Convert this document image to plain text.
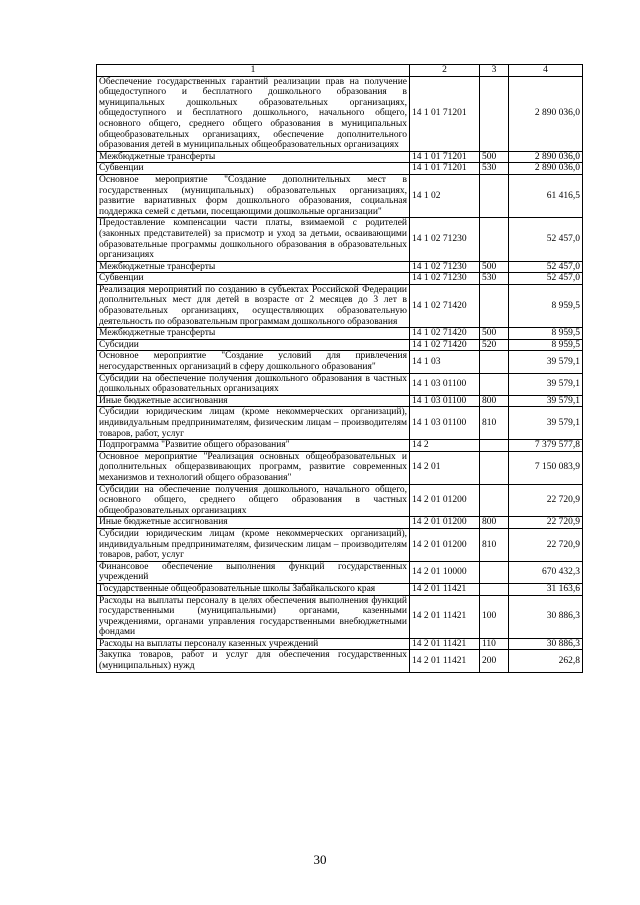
1	2	3	4
Обеспечение государственных гарантий реализации прав на получение общедоступного и бесплатного дошкольного образования в муниципальных дошкольных образовательных организациях, общедоступного и бесплатного дошкольного, начального общего, основного общего, среднего общего образования в муниципальных общеобразовательных организациях, обеспечение дополнительного образования детей в муниципальных общеобразовательных организациях	14 1 01 71201		2 890 036,0
Межбюджетные трансферты	14 1 01 71201	500	2 890 036,0
Субвенции	14 1 01 71201	530	2 890 036,0
Основное мероприятие "Создание дополнительных мест в государственных (муниципальных) образовательных организациях, развитие вариативных форм дошкольного образования, социальная поддержка семей с детьми, посещающими дошкольные организации"	14 1 02		61 416,5
Предоставление компенсации части платы, взимаемой с родителей (законных представителей) за присмотр и уход за детьми, осваивающими образовательные программы дошкольного образования в образовательных организациях	14 1 02 71230		52 457,0
Межбюджетные трансферты	14 1 02 71230	500	52 457,0
Субвенции	14 1 02 71230	530	52 457,0
Реализация мероприятий по созданию в субъектах Российской Федерации дополнительных мест для детей в возрасте от 2 месяцев до 3 лет в образовательных организациях, осуществляющих образовательную деятельность по образовательным программам дошкольного образования	14 1 02 71420		8 959,5
Межбюджетные трансферты	14 1 02 71420	500	8 959,5
Субсидии	14 1 02 71420	520	8 959,5
Основное мероприятие "Создание условий для привлечения негосударственных организаций в сферу дошкольного образования"	14 1 03		39 579,1
Субсидии на обеспечение получения дошкольного образования в частных дошкольных образовательных организациях	14 1 03 01100		39 579,1
Иные бюджетные ассигнования	14 1 03 01100	800	39 579,1
Субсидии юридическим лицам (кроме некоммерческих организаций), индивидуальным предпринимателям, физическим лицам – производителям товаров, работ, услуг	14 1 03 01100	810	39 579,1
Подпрограмма "Развитие общего образования"	14 2		7 379 577,8
Основное мероприятие "Реализация основных общеобразовательных и дополнительных общеразвивающих программ, развитие современных механизмов и технологий общего образования"	14 2 01		7 150 083,9
Субсидии на обеспечение получения дошкольного, начального общего, основного общего, среднего общего образования в частных общеобразовательных организациях	14 2 01 01200		22 720,9
Иные бюджетные ассигнования	14 2 01 01200	800	22 720,9
Субсидии юридическим лицам (кроме некоммерческих организаций), индивидуальным предпринимателям, физическим лицам – производителям товаров, работ, услуг	14 2 01 01200	810	22 720,9
Финансовое обеспечение выполнения функций государственных учреждений	14 2 01 10000		670 432,3
Государственные общеобразовательные школы Забайкальского края	14 2 01 11421		31 163,6
Расходы на выплаты персоналу в целях обеспечения выполнения функций государственными (муниципальными) органами, казенными учреждениями, органами управления государственными внебюджетными фондами	14 2 01 11421	100	30 886,3
Расходы на выплаты персоналу казенных учреждений	14 2 01 11421	110	30 886,3
Закупка товаров, работ и услуг для обеспечения государственных (муниципальных) нужд	14 2 01 11421	200	262,8
30
